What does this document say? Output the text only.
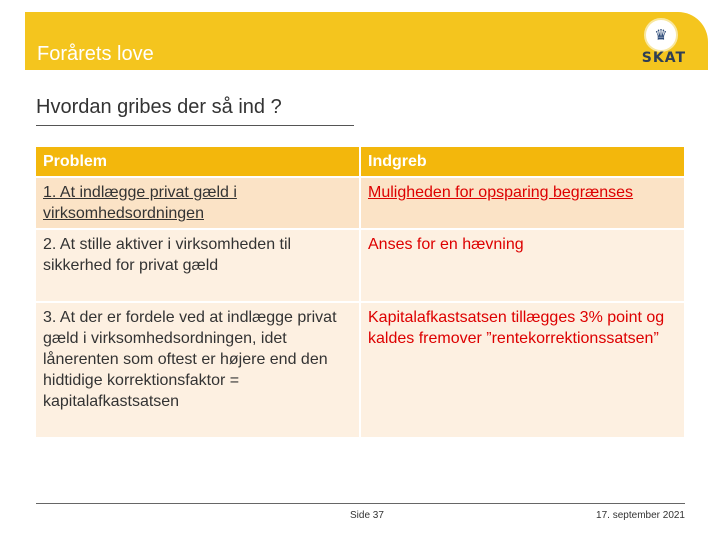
Forårets love
♛
SKAT
Hvordan gribes der så ind ?
Problem	Indgreb
1. At indlægge privat gæld i virksomhedsordningen	Muligheden for opsparing begrænses
2. At stille aktiver i virksomheden til sikkerhed for privat gæld	Anses for en hævning
3. At der er fordele ved at indlægge privat gæld i virksomhedsordningen, idet lånerenten som oftest er højere end den hidtidige korrektionsfaktor = kapitalafkastsatsen	Kapitalafkastsatsen tillægges 3% point og kaldes fremover ”rentekorrektionssatsen”
Side 37	17. september 2021
